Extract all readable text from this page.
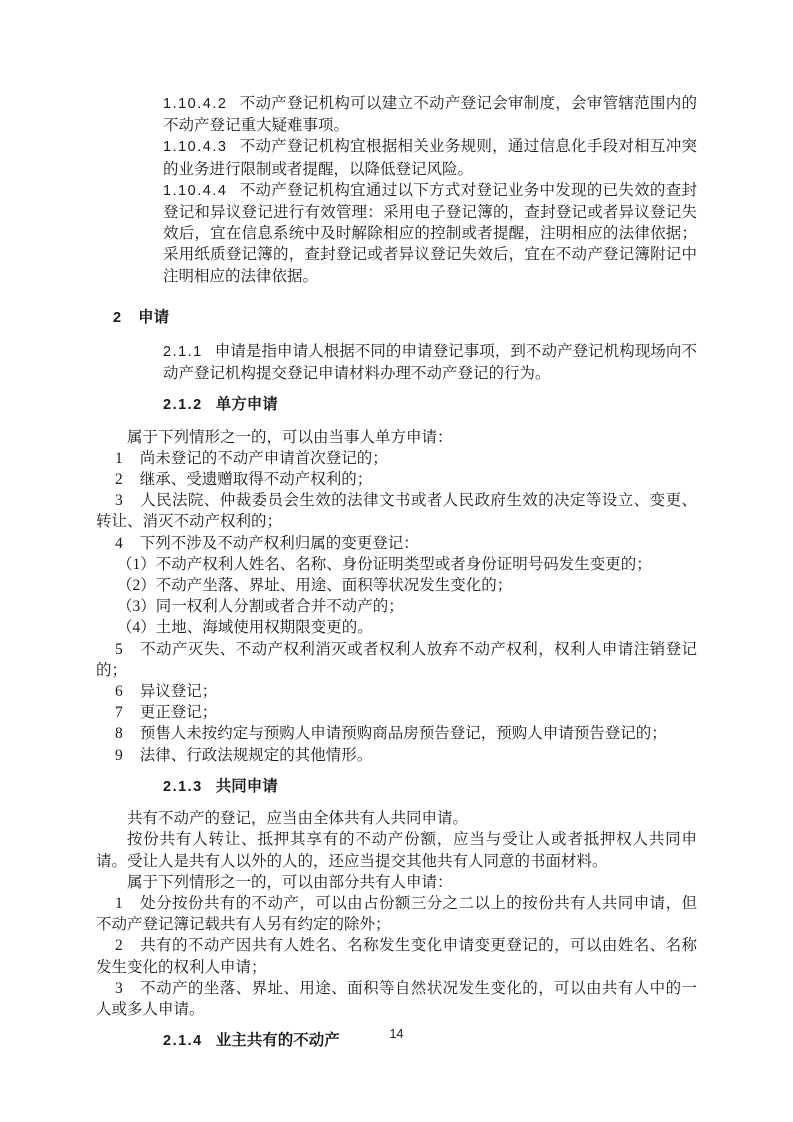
1.10.4.2 不动产登记机构可以建立不动产登记会审制度，会审管辖范围内的不动产登记重大疑难事项。
1.10.4.3 不动产登记机构宜根据相关业务规则，通过信息化手段对相互冲突的业务进行限制或者提醒，以降低登记风险。
1.10.4.4 不动产登记机构宜通过以下方式对登记业务中发现的已失效的查封登记和异议登记进行有效管理：采用电子登记簿的，查封登记或者异议登记失效后，宜在信息系统中及时解除相应的控制或者提醒，注明相应的法律依据；采用纸质登记簿的，查封登记或者异议登记失效后，宜在不动产登记簿附记中注明相应的法律依据。
2 申请
2.1.1 申请是指申请人根据不同的申请登记事项，到不动产登记机构现场向不动产登记机构提交登记申请材料办理不动产登记的行为。
2.1.2 单方申请
属于下列情形之一的，可以由当事人单方申请：
1 尚未登记的不动产申请首次登记的；
2 继承、受遗赠取得不动产权利的；
3 人民法院、仲裁委员会生效的法律文书或者人民政府生效的决定等设立、变更、转让、消灭不动产权利的；
4 下列不涉及不动产权利归属的变更登记：
（1）不动产权利人姓名、名称、身份证明类型或者身份证明号码发生变更的；
（2）不动产坐落、界址、用途、面积等状况发生变化的；
（3）同一权利人分割或者合并不动产的；
（4）土地、海域使用权期限变更的。
5 不动产灭失、不动产权利消灭或者权利人放弃不动产权利，权利人申请注销登记的；
6 异议登记；
7 更正登记；
8 预售人未按约定与预购人申请预购商品房预告登记，预购人申请预告登记的；
9 法律、行政法规规定的其他情形。
2.1.3 共同申请
共有不动产的登记，应当由全体共有人共同申请。
按份共有人转让、抵押其享有的不动产份额，应当与受让人或者抵押权人共同申请。受让人是共有人以外的人的，还应当提交其他共有人同意的书面材料。
属于下列情形之一的，可以由部分共有人申请：
1 处分按份共有的不动产，可以由占份额三分之二以上的按份共有人共同申请，但不动产登记簿记载共有人另有约定的除外；
2 共有的不动产因共有人姓名、名称发生变化申请变更登记的，可以由姓名、名称发生变化的权利人申请；
3 不动产的坐落、界址、用途、面积等自然状况发生变化的，可以由共有人中的一人或多人申请。
2.1.4 业主共有的不动产	14
